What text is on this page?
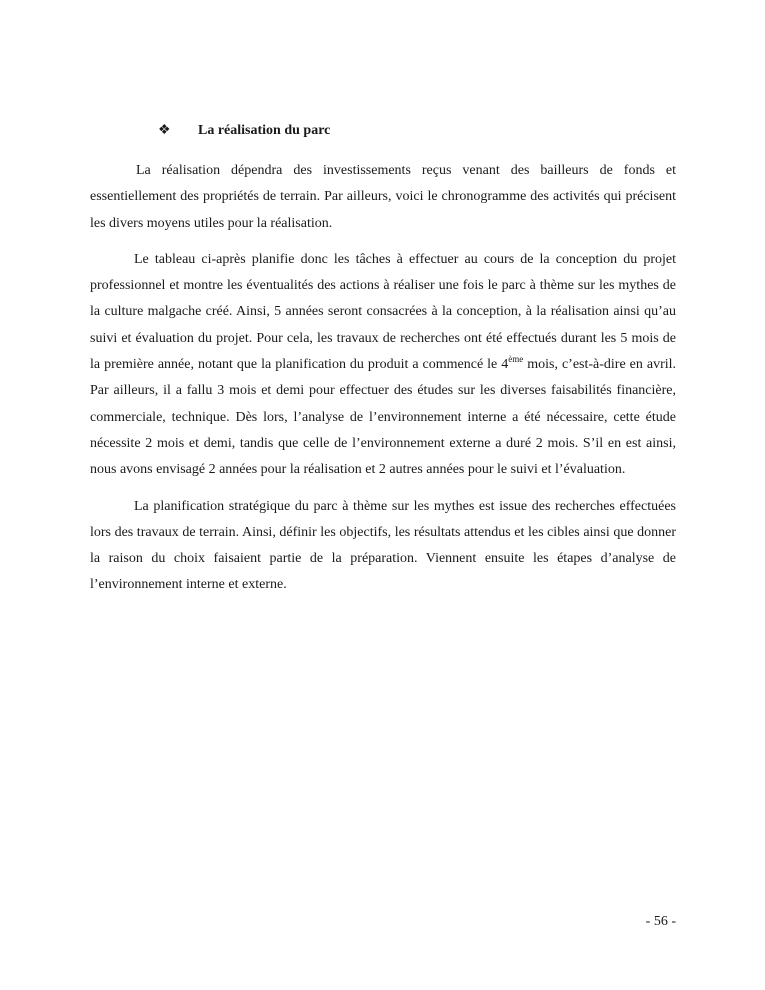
❖ La réalisation du parc

La réalisation dépendra des investissements reçus venant des bailleurs de fonds et essentiellement des propriétés de terrain. Par ailleurs, voici le chronogramme des activités qui précisent les divers moyens utiles pour la réalisation.

Le tableau ci-après planifie donc les tâches à effectuer au cours de la conception du projet professionnel et montre les éventualités des actions à réaliser une fois le parc à thème sur les mythes de la culture malgache créé. Ainsi, 5 années seront consacrées à la conception, à la réalisation ainsi qu’au suivi et évaluation du projet. Pour cela, les travaux de recherches ont été effectués durant les 5 mois de la première année, notant que la planification du produit a commencé le 4ème mois, c’est-à-dire en avril. Par ailleurs, il a fallu 3 mois et demi pour effectuer des études sur les diverses faisabilités financière, commerciale, technique. Dès lors, l’analyse de l’environnement interne a été nécessaire, cette étude nécessite 2 mois et demi, tandis que celle de l’environnement externe a duré 2 mois. S’il en est ainsi, nous avons envisagé 2 années pour la réalisation et 2 autres années pour le suivi et l’évaluation.

La planification stratégique du parc à thème sur les mythes est issue des recherches effectuées lors des travaux de terrain. Ainsi, définir les objectifs, les résultats attendus et les cibles ainsi que donner la raison du choix faisaient partie de la préparation. Viennent ensuite les étapes d’analyse de l’environnement interne et externe.

- 56 -
